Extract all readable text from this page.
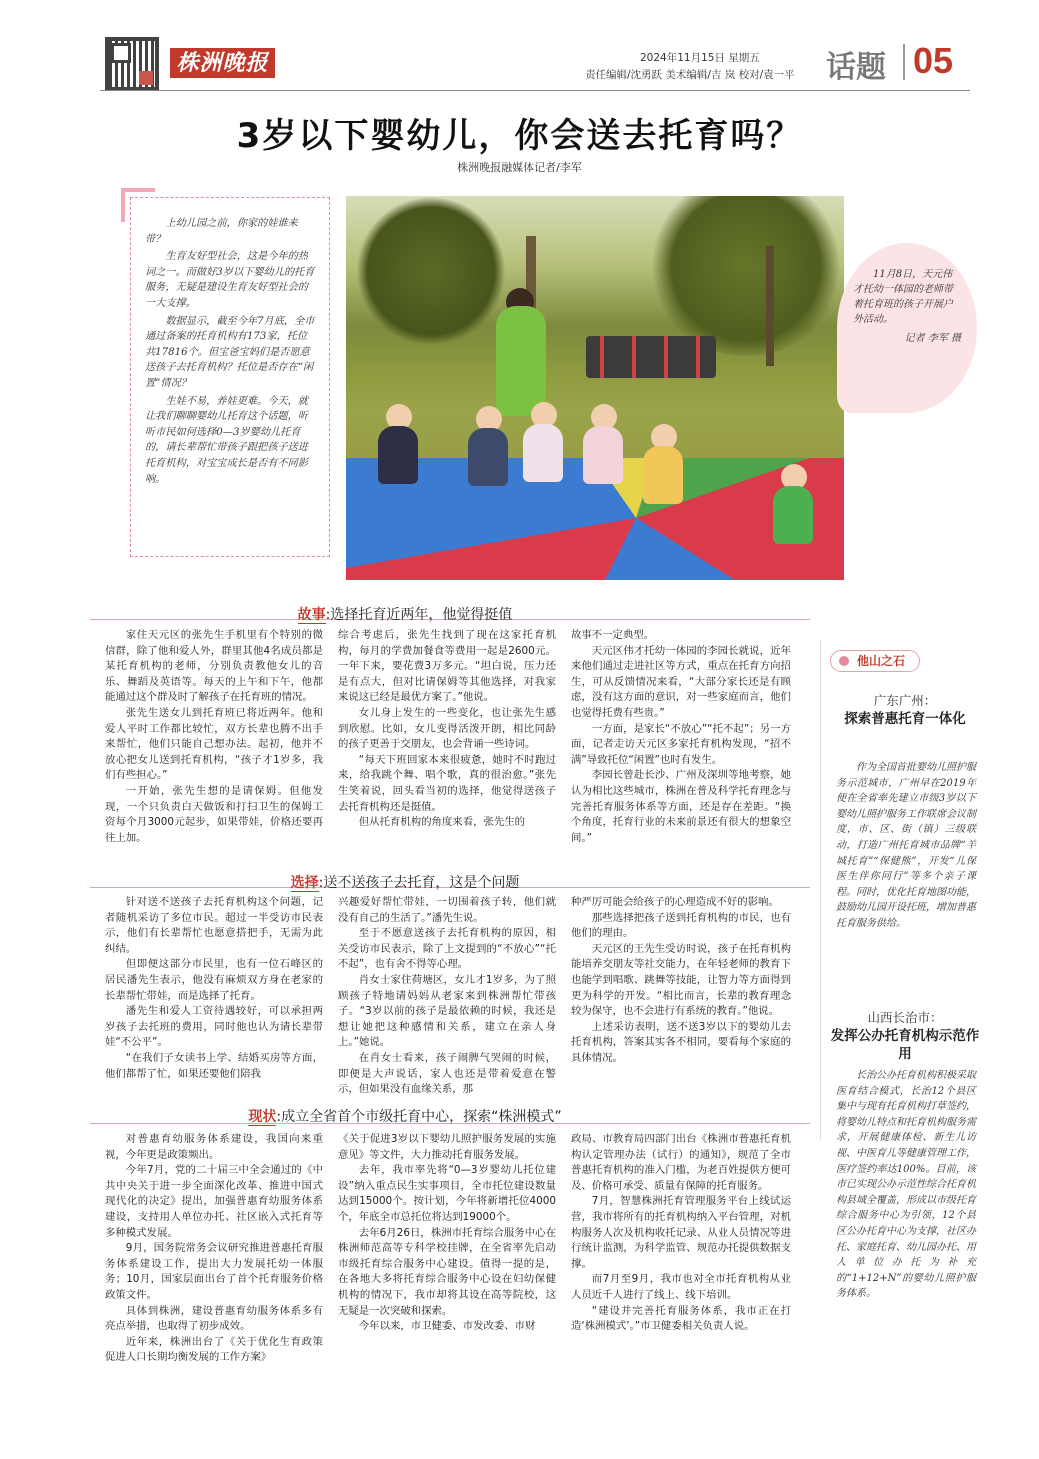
株洲晚报	2024年11月15日 星期五
责任编辑/沈勇跃 美术编辑/吉 岚 校对/袁一平 话题 05
3岁以下婴幼儿，你会送去托育吗？
株洲晚报融媒体记者/李军

上幼儿园之前，你家的娃谁来带？

生育友好型社会，这是今年的热词之一。而做好3岁以下婴幼儿的托育服务，无疑是建设生育友好型社会的一大支撑。

数据显示，截至今年7月底，全市通过备案的托育机构有173家，托位共17816个。但宝爸宝妈们是否愿意送孩子去托育机构？托位是否存在“闲置”情况？

生娃不易，养娃更难。今天，就让我们聊聊婴幼儿托育这个话题，听听市民如何选择0—3岁婴幼儿托育的，请长辈帮忙带孩子跟把孩子送进托育机构，对宝宝成长是否有不同影响。

11月8日，天元伟才托幼一体园的老师带着托育班的孩子开展户外活动。

记者 李军 摄

故事:选择托育近两年，他觉得挺值

家住天元区的张先生手机里有个特别的微信群，除了他和爱人外，群里其他4名成员都是某托育机构的老师，分别负责教他女儿的音乐、舞蹈及英语等。每天的上午和下午，他都能通过这个群及时了解孩子在托育班的情况。

张先生送女儿到托育班已将近两年。他和爱人平时工作都比较忙，双方长辈也腾不出手来帮忙，他们只能自己想办法。起初，他并不放心把女儿送到托育机构，“孩子才1岁多，我们有些担心。”

一开始，张先生想的是请保姆。但他发现，一个只负责白天做饭和打扫卫生的保姆工资每个月3000元起步，如果带娃，价格还要再往上加。

综合考虑后，张先生找到了现在这家托育机构，每月的学费加餐食等费用一起是2600元。一年下来，要花费3万多元。“坦白说，压力还是有点大，但对比请保姆等其他选择，对我家来说这已经是最优方案了。”他说。

女儿身上发生的一些变化，也让张先生感到欣慰。比如，女儿变得活泼开朗，相比同龄的孩子更善于交朋友，也会背诵一些诗词。

“每天下班回家本来很疲惫，她时不时跑过来，给我跳个舞、唱个歌，真的很治愈。”张先生笑着说，回头看当初的选择，他觉得送孩子去托育机构还是挺值。

但从托育机构的角度来看，张先生的

故事不一定典型。

天元区伟才托幼一体园的李园长就说，近年来他们通过走进社区等方式，重点在托育方向招生，可从反馈情况来看，“大部分家长还是有顾虑，没有这方面的意识，对一些家庭而言，他们也觉得托费有些贵。”

一方面，是家长“不放心”“托不起”；另一方面，记者走访天元区多家托育机构发现，“招不满”导致托位“闲置”也时有发生。

李园长曾赴长沙、广州及深圳等地考察，她认为相比这些城市，株洲在普及科学托育理念与完善托育服务体系等方面，还是存在差距。“换个角度，托育行业的未来前景还有很大的想象空间。”

选择:送不送孩子去托育，这是个问题

针对送不送孩子去托育机构这个问题，记者随机采访了多位市民。超过一半受访市民表示，他们有长辈帮忙也愿意搭把手，无需为此纠结。

但即便这部分市民里，也有一位石峰区的居民潘先生表示，他没有麻烦双方身在老家的长辈帮忙带娃，而是选择了托育。

潘先生和爱人工资待遇较好，可以承担两岁孩子去托班的费用，同时他也认为请长辈带娃“不公平”。

“在我们子女读书上学、结婚买房等方面，他们都帮了忙，如果还要他们陪我

兴趣爱好帮忙带娃，一切围着孩子转，他们就没有自己的生活了。”潘先生说。

至于不愿意送孩子去托育机构的原因，相关受访市民表示，除了上文提到的“不放心”“托不起”，也有舍不得等心理。

肖女士家住荷塘区，女儿才1岁多，为了照顾孩子特地请妈妈从老家来到株洲帮忙带孩子。“3岁以前的孩子是最依赖的时候，我还是想让她把这种感情和关系，建立在亲人身上。”她说。

在肖女士看来，孩子闹脾气哭闹的时候，即便是大声说话，家人也还是带着爱意在警示，但如果没有血缘关系，那

种严厉可能会给孩子的心理造成不好的影响。

那些选择把孩子送到托育机构的市民，也有他们的理由。

天元区的王先生受访时说，孩子在托育机构能培养交朋友等社交能力，在年轻老师的教育下也能学到唱歌、跳舞等技能，让智力等方面得到更为科学的开发。“相比而言，长辈的教育理念较为保守，也不会进行有系统的教育。”他说。

上述采访表明，送不送3岁以下的婴幼儿去托育机构，答案其实各不相同，要看每个家庭的具体情况。

现状:成立全省首个市级托育中心，探索“株洲模式”

对普惠育幼服务体系建设，我国向来重视，今年更是政策频出。

今年7月，党的二十届三中全会通过的《中共中央关于进一步全面深化改革、推进中国式现代化的决定》提出，加强普惠育幼服务体系建设，支持用人单位办托、社区嵌入式托育等多种模式发展。

9月，国务院常务会议研究推进普惠托育服务体系建设工作，提出大力发展托幼一体服务；10月，国家层面出台了首个托育服务价格政策文件。

具体到株洲，建设普惠育幼服务体系多有亮点举措，也取得了初步成效。

近年来，株洲出台了《关于优化生育政策促进人口长期均衡发展的工作方案》

《关于促进3岁以下婴幼儿照护服务发展的实施意见》等文件，大力推动托育服务发展。

去年，我市率先将“0—3岁婴幼儿托位建设”纳入重点民生实事项目，全市托位建设数量达到15000个。按计划，今年将新增托位4000个，年底全市总托位将达到19000个。

去年6月26日，株洲市托育综合服务中心在株洲师范高等专科学校挂牌，在全省率先启动市级托育综合服务中心建设。值得一提的是，在各地大多将托育综合服务中心设在妇幼保健机构的情况下，我市却将其设在高等院校，这无疑是一次突破和探索。

今年以来，市卫健委、市发改委、市财

政局、市教育局四部门出台《株洲市普惠托育机构认定管理办法（试行）的通知》，规范了全市普惠托育机构的准入门槛，为老百姓提供方便可及、价格可承受、质量有保障的托育服务。

7月，智慧株洲托育管理服务平台上线试运营，我市将所有的托育机构纳入平台管理，对机构服务人次及机构收托记录、从业人员情况等进行统计监测，为科学监管、规范办托提供数据支撑。

而7月至9月，我市也对全市托育机构从业人员近千人进行了线上、线下培训。

“建设并完善托育服务体系，我市正在打造‘株洲模式’。”市卫健委相关负责人说。

他山之石
广东广州：
探索普惠托育一体化
作为全国首批婴幼儿照护服务示范城市，广州早在2019年便在全省率先建立市级3岁以下婴幼儿照护服务工作联席会议制度，市、区、街（镇）三级联动，打造广州托育城市品牌“羊城托育”“保健熊”，开发“儿保医生伴你同行”等多个亲子课程。同时，优化托育地图功能，鼓励幼儿园开设托班，增加普惠托育服务供给。
山西长治市：
发挥公办托育机构示范作用
长治公办托育机构积极采取医育结合模式，长治12个县区集中与现有托育机构打草签约，将婴幼儿特点和托育机构服务需求，开展健康体检、新生儿访视、中医育儿等健康管理工作，医疗签约率达100%。目前，该市已实现公办示范性综合托育机构县域全覆盖，形成以市级托育综合服务中心为引领，12个县区公办托育中心为支撑，社区办托、家庭托育、幼儿园办托、用人单位办托为补充的“1+12+N”的婴幼儿照护服务体系。
